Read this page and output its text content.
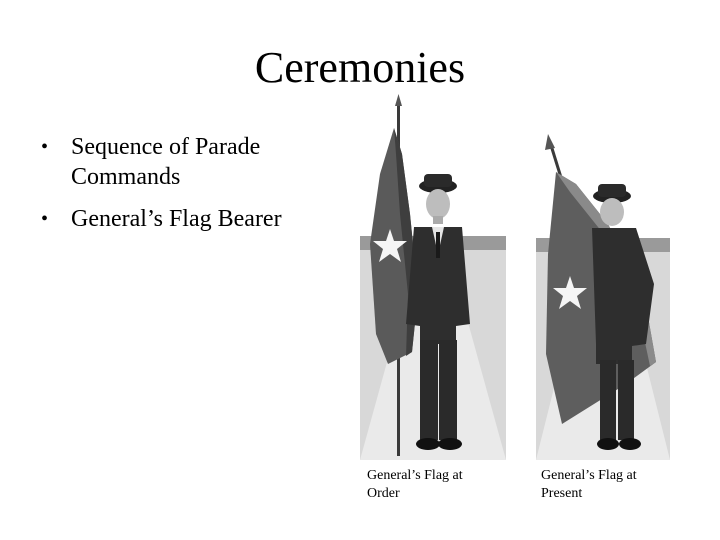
Ceremonies
• Sequence of Parade Commands
• General’s Flag Bearer
General’s Flag at
Order
General’s Flag at
Present
